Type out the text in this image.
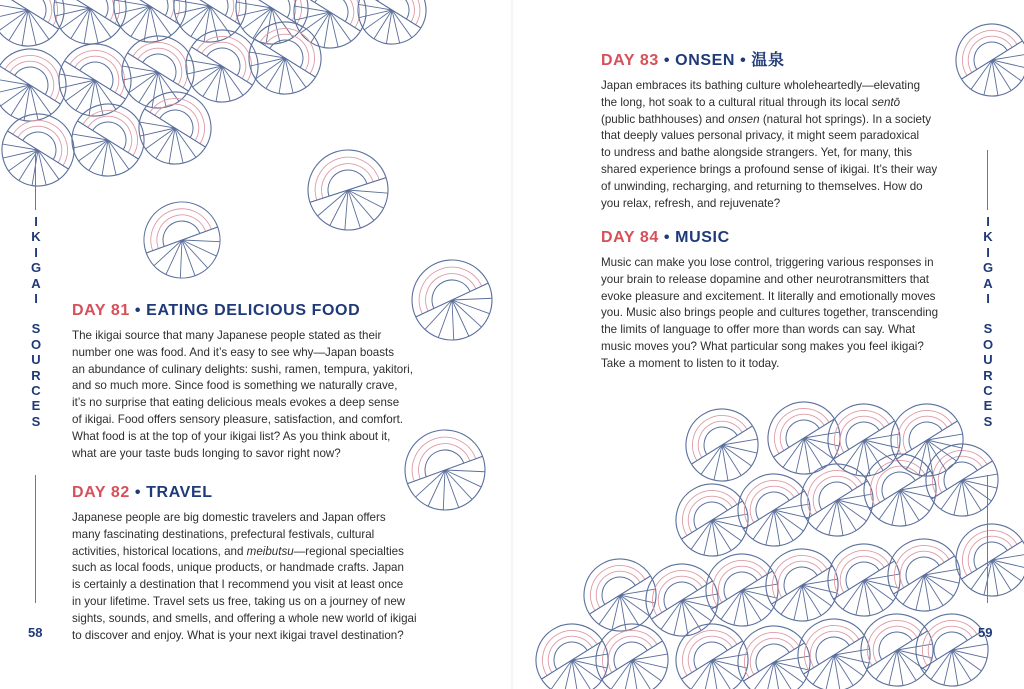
I
K
I
G
A
I
S
O
U
R
C
E
S
58
DAY 81 • EATING DELICIOUS FOOD

The ikigai source that many Japanese people stated as their
number one was food. And it’s easy to see why—Japan boasts
an abundance of culinary delights: sushi, ramen, tempura, yakitori,
and so much more. Since food is something we naturally crave,
it’s no surprise that eating delicious meals evokes a deep sense
of ikigai. Food offers sensory pleasure, satisfaction, and comfort.
What food is at the top of your ikigai list? As you think about it,
what are your taste buds longing to savor right now?

DAY 82 • TRAVEL

Japanese people are big domestic travelers and Japan offers
many fascinating destinations, prefectural festivals, cultural
activities, historical locations, and meibutsu—regional specialties
such as local foods, unique products, or handmade crafts. Japan
is certainly a destination that I recommend you visit at least once
in your lifetime. Travel sets us free, taking us on a journey of new
sights, sounds, and smells, and offering a whole new world of ikigai
to discover and enjoy. What is your next ikigai travel destination?

I
K
I
G
A
I
S
O
U
R
C
E
S
59
DAY 83 • ONSEN • 温泉

Japan embraces its bathing culture wholeheartedly—elevating
the long, hot soak to a cultural ritual through its local sentō
(public bathhouses) and onsen (natural hot springs). In a society
that deeply values personal privacy, it might seem paradoxical
to undress and bathe alongside strangers. Yet, for many, this
shared experience brings a profound sense of ikigai. It’s their way
of unwinding, recharging, and returning to themselves. How do
you relax, refresh, and rejuvenate?

DAY 84 • MUSIC

Music can make you lose control, triggering various responses in
your brain to release dopamine and other neurotransmitters that
evoke pleasure and excitement. It literally and emotionally moves
you. Music also brings people and cultures together, transcending
the limits of language to offer more than words can say. What
music moves you? What particular song makes you feel ikigai?
Take a moment to listen to it today.
